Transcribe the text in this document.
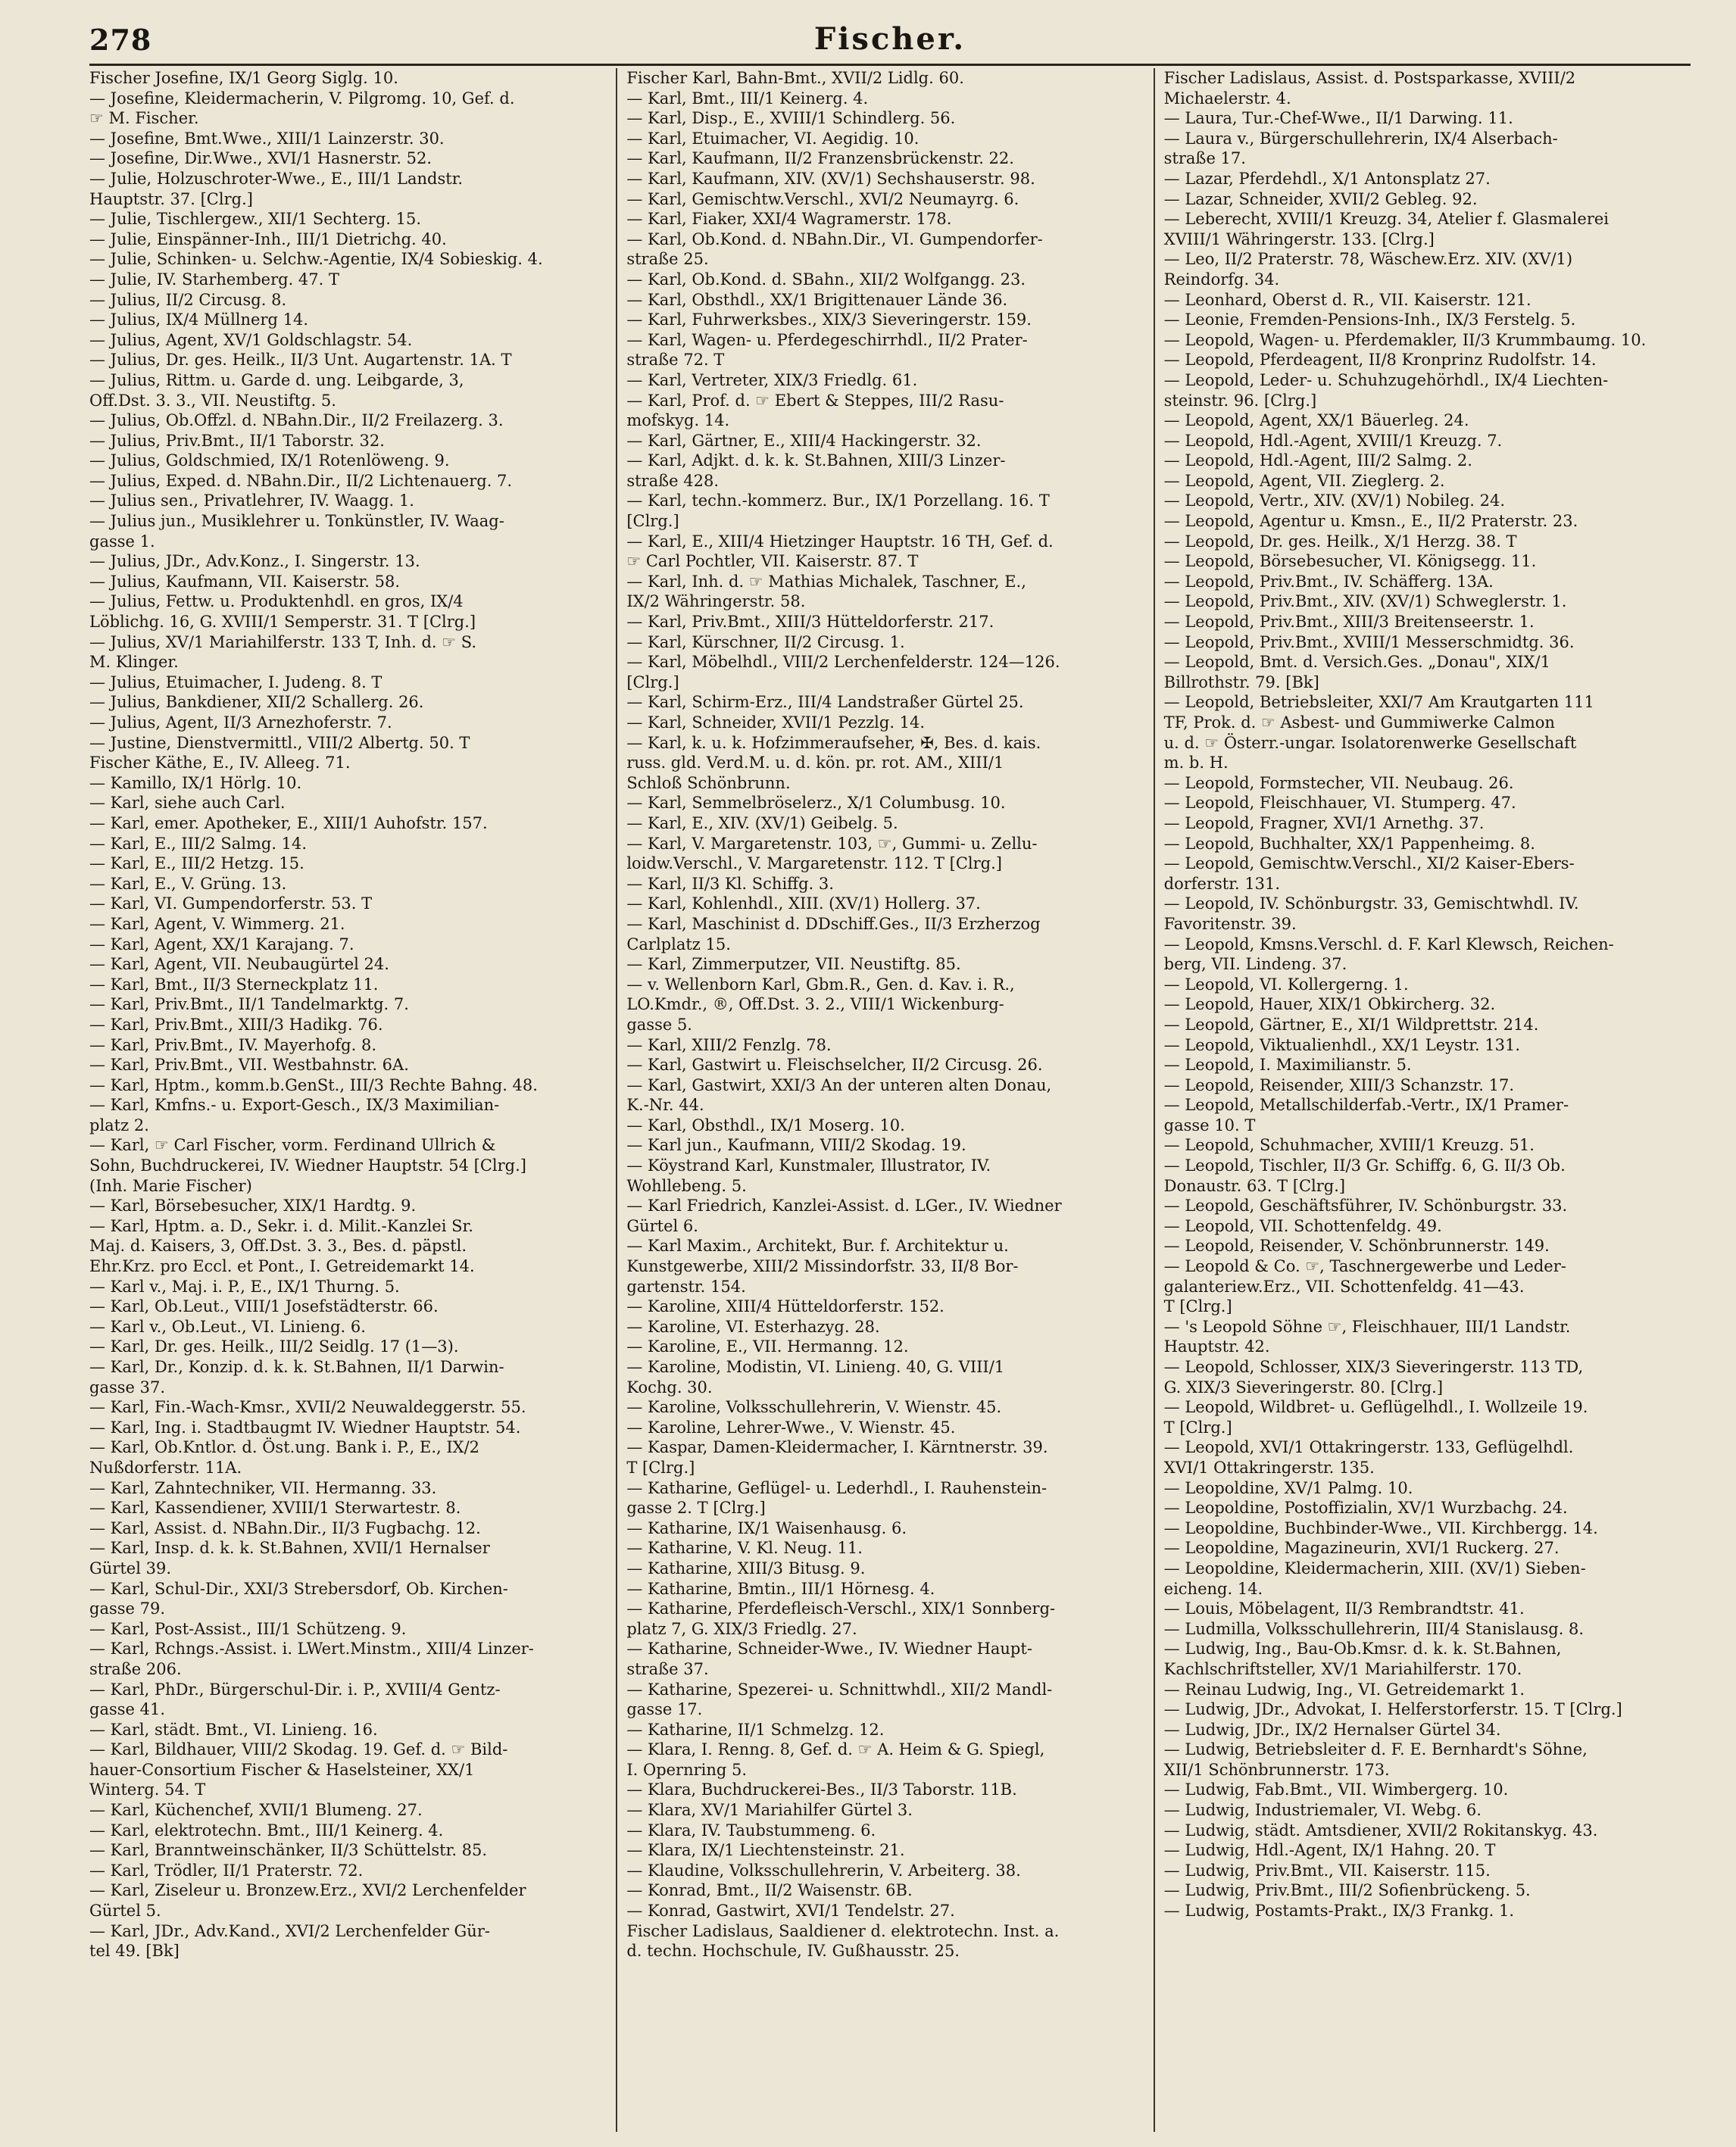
278	Fischer.
Fischer Josefine, IX/1 Georg Siglg. 10.
— Josefine, Kleidermacherin, V. Pilgromg. 10, Gef. d.
☞ M. Fischer.
— Josefine, Bmt.Wwe., XIII/1 Lainzerstr. 30.
— Josefine, Dir.Wwe., XVI/1 Hasnerstr. 52.
— Julie, Holzuschroter-Wwe., E., III/1 Landstr.
Hauptstr. 37. [Clrg.]
— Julie, Tischlergew., XII/1 Sechterg. 15.
— Julie, Einspänner-Inh., III/1 Dietrichg. 40.
— Julie, Schinken- u. Selchw.-Agentie, IX/4 Sobieskig. 4.
— Julie, IV. Starhemberg. 47. T
— Julius, II/2 Circusg. 8.
— Julius, IX/4 Müllnerg 14.
— Julius, Agent, XV/1 Goldschlagstr. 54.
— Julius, Dr. ges. Heilk., II/3 Unt. Augartenstr. 1A. T
— Julius, Rittm. u. Garde d. ung. Leibgarde, 3,
Off.Dst. 3. 3., VII. Neustiftg. 5.
— Julius, Ob.Offzl. d. NBahn.Dir., II/2 Freilazerg. 3.
— Julius, Priv.Bmt., II/1 Taborstr. 32.
— Julius, Goldschmied, IX/1 Rotenlöweng. 9.
— Julius, Exped. d. NBahn.Dir., II/2 Lichtenauerg. 7.
— Julius sen., Privatlehrer, IV. Waagg. 1.
— Julius jun., Musiklehrer u. Tonkünstler, IV. Waag-
gasse 1.
— Julius, JDr., Adv.Konz., I. Singerstr. 13.
— Julius, Kaufmann, VII. Kaiserstr. 58.
— Julius, Fettw. u. Produktenhdl. en gros, IX/4
Löblichg. 16, G. XVIII/1 Semperstr. 31. T [Clrg.]
— Julius, XV/1 Mariahilferstr. 133 T, Inh. d. ☞ S.
M. Klinger.
— Julius, Etuimacher, I. Judeng. 8. T
— Julius, Bankdiener, XII/2 Schallerg. 26.
— Julius, Agent, II/3 Arnezhoferstr. 7.
— Justine, Dienstvermittl., VIII/2 Albertg. 50. T
Fischer Käthe, E., IV. Alleeg. 71.
— Kamillo, IX/1 Hörlg. 10.
— Karl, siehe auch Carl.
— Karl, emer. Apotheker, E., XIII/1 Auhofstr. 157.
— Karl, E., III/2 Salmg. 14.
— Karl, E., III/2 Hetzg. 15.
— Karl, E., V. Grüng. 13.
— Karl, VI. Gumpendorferstr. 53. T
— Karl, Agent, V. Wimmerg. 21.
— Karl, Agent, XX/1 Karajang. 7.
— Karl, Agent, VII. Neubaugürtel 24.
— Karl, Bmt., II/3 Sterneckplatz 11.
— Karl, Priv.Bmt., II/1 Tandelmarktg. 7.
— Karl, Priv.Bmt., XIII/3 Hadikg. 76.
— Karl, Priv.Bmt., IV. Mayerhofg. 8.
— Karl, Priv.Bmt., VII. Westbahnstr. 6A.
— Karl, Hptm., komm.b.GenSt., III/3 Rechte Bahng. 48.
— Karl, Kmfns.- u. Export-Gesch., IX/3 Maximilian-
platz 2.
— Karl, ☞ Carl Fischer, vorm. Ferdinand Ullrich &
Sohn, Buchdruckerei, IV. Wiedner Hauptstr. 54 [Clrg.]
(Inh. Marie Fischer)
— Karl, Börsebesucher, XIX/1 Hardtg. 9.
— Karl, Hptm. a. D., Sekr. i. d. Milit.-Kanzlei Sr.
Maj. d. Kaisers, 3, Off.Dst. 3. 3., Bes. d. päpstl.
Ehr.Krz. pro Eccl. et Pont., I. Getreidemarkt 14.
— Karl v., Maj. i. P., E., IX/1 Thurng. 5.
— Karl, Ob.Leut., VIII/1 Josefstädterstr. 66.
— Karl v., Ob.Leut., VI. Linieng. 6.
— Karl, Dr. ges. Heilk., III/2 Seidlg. 17 (1—3).
— Karl, Dr., Konzip. d. k. k. St.Bahnen, II/1 Darwin-
gasse 37.
— Karl, Fin.-Wach-Kmsr., XVII/2 Neuwaldeggerstr. 55.
— Karl, Ing. i. Stadtbaugmt IV. Wiedner Hauptstr. 54.
— Karl, Ob.Kntlor. d. Öst.ung. Bank i. P., E., IX/2
Nußdorferstr. 11A.
— Karl, Zahntechniker, VII. Hermanng. 33.
— Karl, Kassendiener, XVIII/1 Sterwartestr. 8.
— Karl, Assist. d. NBahn.Dir., II/3 Fugbachg. 12.
— Karl, Insp. d. k. k. St.Bahnen, XVII/1 Hernalser
Gürtel 39.
— Karl, Schul-Dir., XXI/3 Strebersdorf, Ob. Kirchen-
gasse 79.
— Karl, Post-Assist., III/1 Schützeng. 9.
— Karl, Rchngs.-Assist. i. LWert.Minstm., XIII/4 Linzer-
straße 206.
— Karl, PhDr., Bürgerschul-Dir. i. P., XVIII/4 Gentz-
gasse 41.
— Karl, städt. Bmt., VI. Linieng. 16.
— Karl, Bildhauer, VIII/2 Skodag. 19. Gef. d. ☞ Bild-
hauer-Consortium Fischer & Haselsteiner, XX/1
Winterg. 54. T
— Karl, Küchenchef, XVII/1 Blumeng. 27.
— Karl, elektrotechn. Bmt., III/1 Keinerg. 4.
— Karl, Branntweinschänker, II/3 Schüttelstr. 85.
— Karl, Trödler, II/1 Praterstr. 72.
— Karl, Ziseleur u. Bronzew.Erz., XVI/2 Lerchenfelder
Gürtel 5.
— Karl, JDr., Adv.Kand., XVI/2 Lerchenfelder Gür-
tel 49. [Bk]
Fischer Karl, Bahn-Bmt., XVII/2 Lidlg. 60.
— Karl, Bmt., III/1 Keinerg. 4.
— Karl, Disp., E., XVIII/1 Schindlerg. 56.
— Karl, Etuimacher, VI. Aegidig. 10.
— Karl, Kaufmann, II/2 Franzensbrückenstr. 22.
— Karl, Kaufmann, XIV. (XV/1) Sechshauserstr. 98.
— Karl, Gemischtw.Verschl., XVI/2 Neumayrg. 6.
— Karl, Fiaker, XXI/4 Wagramerstr. 178.
— Karl, Ob.Kond. d. NBahn.Dir., VI. Gumpendorfer-
straße 25.
— Karl, Ob.Kond. d. SBahn., XII/2 Wolfgangg. 23.
— Karl, Obsthdl., XX/1 Brigittenauer Lände 36.
— Karl, Fuhrwerksbes., XIX/3 Sieveringerstr. 159.
— Karl, Wagen- u. Pferdegeschirrhdl., II/2 Prater-
straße 72. T
— Karl, Vertreter, XIX/3 Friedlg. 61.
— Karl, Prof. d. ☞ Ebert & Steppes, III/2 Rasu-
mofskyg. 14.
— Karl, Gärtner, E., XIII/4 Hackingerstr. 32.
— Karl, Adjkt. d. k. k. St.Bahnen, XIII/3 Linzer-
straße 428.
— Karl, techn.-kommerz. Bur., IX/1 Porzellang. 16. T
[Clrg.]
— Karl, E., XIII/4 Hietzinger Hauptstr. 16 TH, Gef. d.
☞ Carl Pochtler, VII. Kaiserstr. 87. T
— Karl, Inh. d. ☞ Mathias Michalek, Taschner, E.,
IX/2 Währingerstr. 58.
— Karl, Priv.Bmt., XIII/3 Hütteldorferstr. 217.
— Karl, Kürschner, II/2 Circusg. 1.
— Karl, Möbelhdl., VIII/2 Lerchenfelderstr. 124—126.
[Clrg.]
— Karl, Schirm-Erz., III/4 Landstraßer Gürtel 25.
— Karl, Schneider, XVII/1 Pezzlg. 14.
— Karl, k. u. k. Hofzimmeraufseher, ✠, Bes. d. kais.
russ. gld. Verd.M. u. d. kön. pr. rot. AM., XIII/1
Schloß Schönbrunn.
— Karl, Semmelbröselerz., X/1 Columbusg. 10.
— Karl, E., XIV. (XV/1) Geibelg. 5.
— Karl, V. Margaretenstr. 103, ☞, Gummi- u. Zellu-
loidw.Verschl., V. Margaretenstr. 112. T [Clrg.]
— Karl, II/3 Kl. Schiffg. 3.
— Karl, Kohlenhdl., XIII. (XV/1) Hollerg. 37.
— Karl, Maschinist d. DDschiff.Ges., II/3 Erzherzog
Carlplatz 15.
— Karl, Zimmerputzer, VII. Neustiftg. 85.
— v. Wellenborn Karl, Gbm.R., Gen. d. Kav. i. R.,
LO.Kmdr., ®, Off.Dst. 3. 2., VIII/1 Wickenburg-
gasse 5.
— Karl, XIII/2 Fenzlg. 78.
— Karl, Gastwirt u. Fleischselcher, II/2 Circusg. 26.
— Karl, Gastwirt, XXI/3 An der unteren alten Donau,
K.-Nr. 44.
— Karl, Obsthdl., IX/1 Moserg. 10.
— Karl jun., Kaufmann, VIII/2 Skodag. 19.
— Köystrand Karl, Kunstmaler, Illustrator, IV.
Wohllebeng. 5.
— Karl Friedrich, Kanzlei-Assist. d. LGer., IV. Wiedner
Gürtel 6.
— Karl Maxim., Architekt, Bur. f. Architektur u.
Kunstgewerbe, XIII/2 Missindorfstr. 33, II/8 Bor-
gartenstr. 154.
— Karoline, XIII/4 Hütteldorferstr. 152.
— Karoline, VI. Esterhazyg. 28.
— Karoline, E., VII. Hermanng. 12.
— Karoline, Modistin, VI. Linieng. 40, G. VIII/1
Kochg. 30.
— Karoline, Volksschullehrerin, V. Wienstr. 45.
— Karoline, Lehrer-Wwe., V. Wienstr. 45.
— Kaspar, Damen-Kleidermacher, I. Kärntnerstr. 39.
T [Clrg.]
— Katharine, Geflügel- u. Lederhdl., I. Rauhenstein-
gasse 2. T [Clrg.]
— Katharine, IX/1 Waisenhausg. 6.
— Katharine, V. Kl. Neug. 11.
— Katharine, XIII/3 Bitusg. 9.
— Katharine, Bmtin., III/1 Hörnesg. 4.
— Katharine, Pferdefleisch-Verschl., XIX/1 Sonnberg-
platz 7, G. XIX/3 Friedlg. 27.
— Katharine, Schneider-Wwe., IV. Wiedner Haupt-
straße 37.
— Katharine, Spezerei- u. Schnittwhdl., XII/2 Mandl-
gasse 17.
— Katharine, II/1 Schmelzg. 12.
— Klara, I. Renng. 8, Gef. d. ☞ A. Heim & G. Spiegl,
I. Opernring 5.
— Klara, Buchdruckerei-Bes., II/3 Taborstr. 11B.
— Klara, XV/1 Mariahilfer Gürtel 3.
— Klara, IV. Taubstummeng. 6.
— Klara, IX/1 Liechtensteinstr. 21.
— Klaudine, Volksschullehrerin, V. Arbeiterg. 38.
— Konrad, Bmt., II/2 Waisenstr. 6B.
— Konrad, Gastwirt, XVI/1 Tendelstr. 27.
Fischer Ladislaus, Saaldiener d. elektrotechn. Inst. a.
d. techn. Hochschule, IV. Gußhausstr. 25.
Fischer Ladislaus, Assist. d. Postsparkasse, XVIII/2
Michaelerstr. 4.
— Laura, Tur.-Chef-Wwe., II/1 Darwing. 11.
— Laura v., Bürgerschullehrerin, IX/4 Alserbach-
straße 17.
— Lazar, Pferdehdl., X/1 Antonsplatz 27.
— Lazar, Schneider, XVII/2 Gebleg. 92.
— Leberecht, XVIII/1 Kreuzg. 34, Atelier f. Glasmalerei
XVIII/1 Währingerstr. 133. [Clrg.]
— Leo, II/2 Praterstr. 78, Wäschew.Erz. XIV. (XV/1)
Reindorfg. 34.
— Leonhard, Oberst d. R., VII. Kaiserstr. 121.
— Leonie, Fremden-Pensions-Inh., IX/3 Ferstelg. 5.
— Leopold, Wagen- u. Pferdemakler, II/3 Krummbaumg. 10.
— Leopold, Pferdeagent, II/8 Kronprinz Rudolfstr. 14.
— Leopold, Leder- u. Schuhzugehörhdl., IX/4 Liechten-
steinstr. 96. [Clrg.]
— Leopold, Agent, XX/1 Bäuerleg. 24.
— Leopold, Hdl.-Agent, XVIII/1 Kreuzg. 7.
— Leopold, Hdl.-Agent, III/2 Salmg. 2.
— Leopold, Agent, VII. Zieglerg. 2.
— Leopold, Vertr., XIV. (XV/1) Nobileg. 24.
— Leopold, Agentur u. Kmsn., E., II/2 Praterstr. 23.
— Leopold, Dr. ges. Heilk., X/1 Herzg. 38. T
— Leopold, Börsebesucher, VI. Königsegg. 11.
— Leopold, Priv.Bmt., IV. Schäfferg. 13A.
— Leopold, Priv.Bmt., XIV. (XV/1) Schweglerstr. 1.
— Leopold, Priv.Bmt., XIII/3 Breitenseerstr. 1.
— Leopold, Priv.Bmt., XVIII/1 Messerschmidtg. 36.
— Leopold, Bmt. d. Versich.Ges. „Donau", XIX/1
Billrothstr. 79. [Bk]
— Leopold, Betriebsleiter, XXI/7 Am Krautgarten 111
TF, Prok. d. ☞ Asbest- und Gummiwerke Calmon
u. d. ☞ Österr.-ungar. Isolatorenwerke Gesellschaft
m. b. H.
— Leopold, Formstecher, VII. Neubaug. 26.
— Leopold, Fleischhauer, VI. Stumperg. 47.
— Leopold, Fragner, XVI/1 Arnethg. 37.
— Leopold, Buchhalter, XX/1 Pappenheimg. 8.
— Leopold, Gemischtw.Verschl., XI/2 Kaiser-Ebers-
dorferstr. 131.
— Leopold, IV. Schönburgstr. 33, Gemischtwhdl. IV.
Favoritenstr. 39.
— Leopold, Kmsns.Verschl. d. F. Karl Klewsch, Reichen-
berg, VII. Lindeng. 37.
— Leopold, VI. Kollergerng. 1.
— Leopold, Hauer, XIX/1 Obkircherg. 32.
— Leopold, Gärtner, E., XI/1 Wildprettstr. 214.
— Leopold, Viktualienhdl., XX/1 Leystr. 131.
— Leopold, I. Maximilianstr. 5.
— Leopold, Reisender, XIII/3 Schanzstr. 17.
— Leopold, Metallschilderfab.-Vertr., IX/1 Pramer-
gasse 10. T
— Leopold, Schuhmacher, XVIII/1 Kreuzg. 51.
— Leopold, Tischler, II/3 Gr. Schiffg. 6, G. II/3 Ob.
Donaustr. 63. T [Clrg.]
— Leopold, Geschäftsführer, IV. Schönburgstr. 33.
— Leopold, VII. Schottenfeldg. 49.
— Leopold, Reisender, V. Schönbrunnerstr. 149.
— Leopold & Co. ☞, Taschnergewerbe und Leder-
galanteriew.Erz., VII. Schottenfeldg. 41—43.
T [Clrg.]
— 's Leopold Söhne ☞, Fleischhauer, III/1 Landstr.
Hauptstr. 42.
— Leopold, Schlosser, XIX/3 Sieveringerstr. 113 TD,
G. XIX/3 Sieveringerstr. 80. [Clrg.]
— Leopold, Wildbret- u. Geflügelhdl., I. Wollzeile 19.
T [Clrg.]
— Leopold, XVI/1 Ottakringerstr. 133, Geflügelhdl.
XVI/1 Ottakringerstr. 135.
— Leopoldine, XV/1 Palmg. 10.
— Leopoldine, Postoffizialin, XV/1 Wurzbachg. 24.
— Leopoldine, Buchbinder-Wwe., VII. Kirchbergg. 14.
— Leopoldine, Magazineurin, XVI/1 Ruckerg. 27.
— Leopoldine, Kleidermacherin, XIII. (XV/1) Sieben-
eicheng. 14.
— Louis, Möbelagent, II/3 Rembrandtstr. 41.
— Ludmilla, Volksschullehrerin, III/4 Stanislausg. 8.
— Ludwig, Ing., Bau-Ob.Kmsr. d. k. k. St.Bahnen,
Kachlschriftsteller, XV/1 Mariahilferstr. 170.
— Reinau Ludwig, Ing., VI. Getreidemarkt 1.
— Ludwig, JDr., Advokat, I. Helferstorferstr. 15. T [Clrg.]
— Ludwig, JDr., IX/2 Hernalser Gürtel 34.
— Ludwig, Betriebsleiter d. F. E. Bernhardt's Söhne,
XII/1 Schönbrunnerstr. 173.
— Ludwig, Fab.Bmt., VII. Wimbergerg. 10.
— Ludwig, Industriemaler, VI. Webg. 6.
— Ludwig, städt. Amtsdiener, XVII/2 Rokitanskyg. 43.
— Ludwig, Hdl.-Agent, IX/1 Hahng. 20. T
— Ludwig, Priv.Bmt., VII. Kaiserstr. 115.
— Ludwig, Priv.Bmt., III/2 Sofienbrückeng. 5.
— Ludwig, Postamts-Prakt., IX/3 Frankg. 1.
